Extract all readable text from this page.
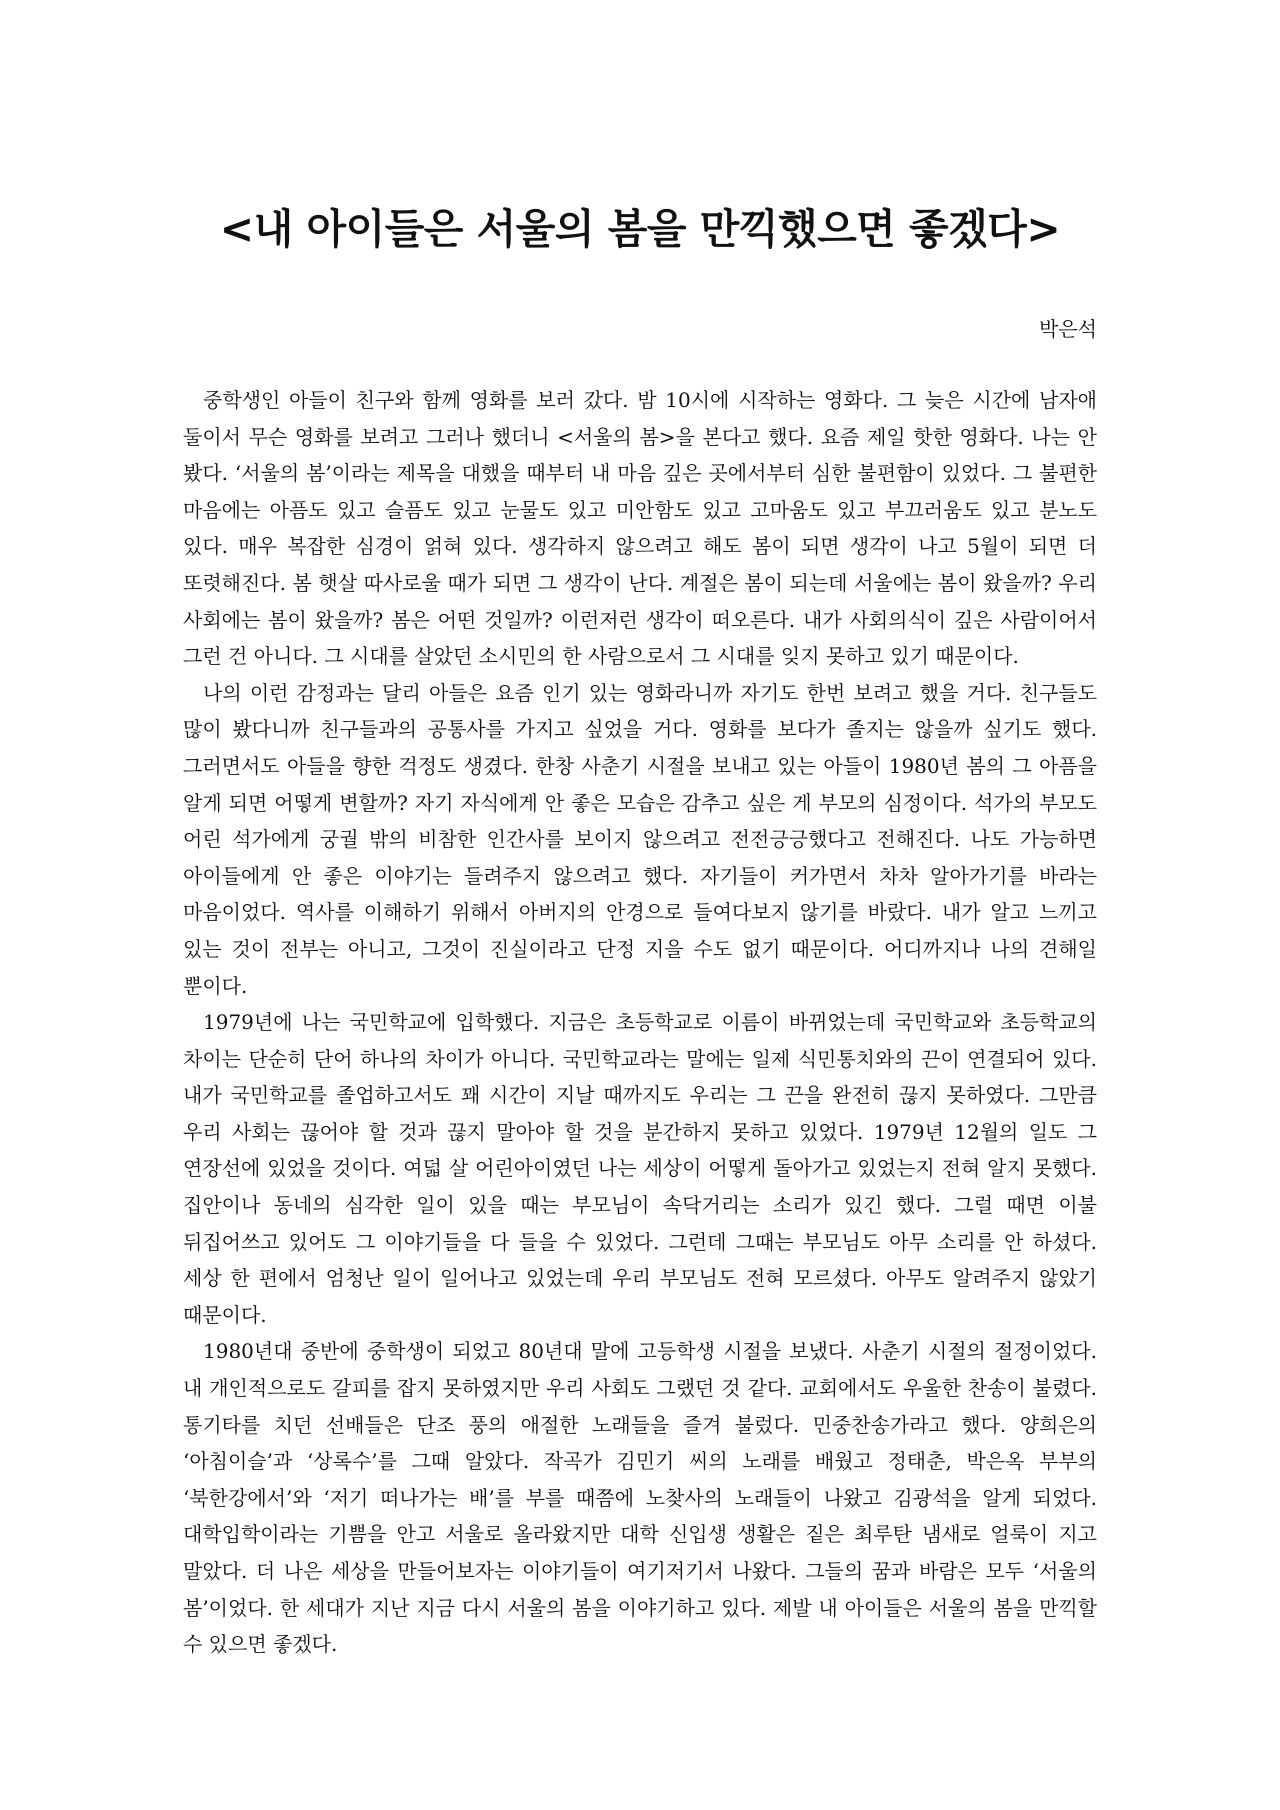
<내 아이들은 서울의 봄을 만끽했으면 좋겠다>

박은석

중학생인 아들이 친구와 함께 영화를 보러 갔다. 밤 10시에 시작하는 영화다. 그 늦은 시간에 남자애 둘이서 무슨 영화를 보려고 그러나 했더니 <서울의 봄>을 본다고 했다. 요즘 제일 핫한 영화다. 나는 안 봤다. ‘서울의 봄’이라는 제목을 대했을 때부터 내 마음 깊은 곳에서부터 심한 불편함이 있었다. 그 불편한 마음에는 아픔도 있고 슬픔도 있고 눈물도 있고 미안함도 있고 고마움도 있고 부끄러움도 있고 분노도 있다. 매우 복잡한 심경이 얽혀 있다. 생각하지 않으려고 해도 봄이 되면 생각이 나고 5월이 되면 더 또렷해진다. 봄 햇살 따사로울 때가 되면 그 생각이 난다. 계절은 봄이 되는데 서울에는 봄이 왔을까? 우리 사회에는 봄이 왔을까? 봄은 어떤 것일까? 이런저런 생각이 떠오른다. 내가 사회의식이 깊은 사람이어서 그런 건 아니다. 그 시대를 살았던 소시민의 한 사람으로서 그 시대를 잊지 못하고 있기 때문이다.

나의 이런 감정과는 달리 아들은 요즘 인기 있는 영화라니까 자기도 한번 보려고 했을 거다. 친구들도 많이 봤다니까 친구들과의 공통사를 가지고 싶었을 거다. 영화를 보다가 졸지는 않을까 싶기도 했다. 그러면서도 아들을 향한 걱정도 생겼다. 한창 사춘기 시절을 보내고 있는 아들이 1980년 봄의 그 아픔을 알게 되면 어떻게 변할까? 자기 자식에게 안 좋은 모습은 감추고 싶은 게 부모의 심정이다. 석가의 부모도 어린 석가에게 궁궐 밖의 비참한 인간사를 보이지 않으려고 전전긍긍했다고 전해진다. 나도 가능하면 아이들에게 안 좋은 이야기는 들려주지 않으려고 했다. 자기들이 커가면서 차차 알아가기를 바라는 마음이었다. 역사를 이해하기 위해서 아버지의 안경으로 들여다보지 않기를 바랐다. 내가 알고 느끼고 있는 것이 전부는 아니고, 그것이 진실이라고 단정 지을 수도 없기 때문이다. 어디까지나 나의 견해일 뿐이다.

1979년에 나는 국민학교에 입학했다. 지금은 초등학교로 이름이 바뀌었는데 국민학교와 초등학교의 차이는 단순히 단어 하나의 차이가 아니다. 국민학교라는 말에는 일제 식민통치와의 끈이 연결되어 있다. 내가 국민학교를 졸업하고서도 꽤 시간이 지날 때까지도 우리는 그 끈을 완전히 끊지 못하였다. 그만큼 우리 사회는 끊어야 할 것과 끊지 말아야 할 것을 분간하지 못하고 있었다. 1979년 12월의 일도 그 연장선에 있었을 것이다. 여덟 살 어린아이였던 나는 세상이 어떻게 돌아가고 있었는지 전혀 알지 못했다. 집안이나 동네의 심각한 일이 있을 때는 부모님이 속닥거리는 소리가 있긴 했다. 그럴 때면 이불 뒤집어쓰고 있어도 그 이야기들을 다 들을 수 있었다. 그런데 그때는 부모님도 아무 소리를 안 하셨다. 세상 한 편에서 엄청난 일이 일어나고 있었는데 우리 부모님도 전혀 모르셨다. 아무도 알려주지 않았기 때문이다.

1980년대 중반에 중학생이 되었고 80년대 말에 고등학생 시절을 보냈다. 사춘기 시절의 절정이었다. 내 개인적으로도 갈피를 잡지 못하였지만 우리 사회도 그랬던 것 같다. 교회에서도 우울한 찬송이 불렸다. 통기타를 치던 선배들은 단조 풍의 애절한 노래들을 즐겨 불렀다. 민중찬송가라고 했다. 양희은의 ‘아침이슬’과 ‘상록수’를 그때 알았다. 작곡가 김민기 씨의 노래를 배웠고 정태춘, 박은옥 부부의 ‘북한강에서’와 ‘저기 떠나가는 배’를 부를 때쯤에 노찾사의 노래들이 나왔고 김광석을 알게 되었다. 대학입학이라는 기쁨을 안고 서울로 올라왔지만 대학 신입생 생활은 짙은 최루탄 냄새로 얼룩이 지고 말았다. 더 나은 세상을 만들어보자는 이야기들이 여기저기서 나왔다. 그들의 꿈과 바람은 모두 ‘서울의 봄’이었다. 한 세대가 지난 지금 다시 서울의 봄을 이야기하고 있다. 제발 내 아이들은 서울의 봄을 만끽할 수 있으면 좋겠다.
